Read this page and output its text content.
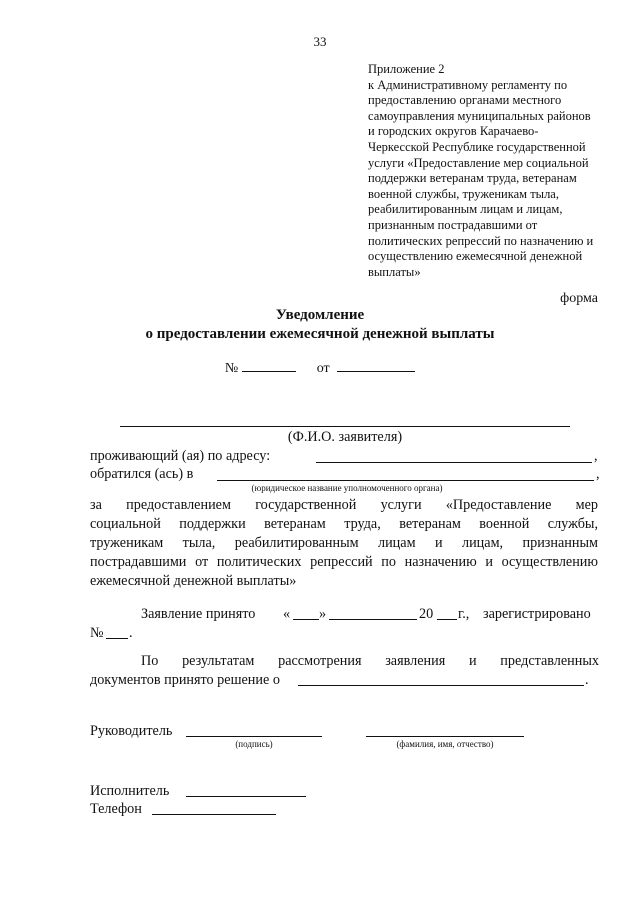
33
Приложение 2
к Административному регламенту по
предоставлению органами местного
самоуправления муниципальных районов
и городских округов Карачаево-
Черкесской Республике государственной
услуги «Предоставление мер социальной
поддержки ветеранам труда, ветеранам
военной службы, труженикам тыла,
реабилитированным лицам и лицам,
признанным пострадавшими от
политических репрессий по назначению и
осуществлению ежемесячной денежной
выплаты»
форма
Уведомление
о предоставлении ежемесячной денежной выплаты
№	от
(Ф.И.О. заявителя)
проживающий (ая) по адресу:	,
обратился (ась) в	,
(юридическое название уполномоченного органа)
за предоставлением государственной услуги «Предоставление мер
социальной поддержки ветеранам труда, ветеранам военной службы,
труженикам тыла, реабилитированным лицам и лицам, признанным
пострадавшими от политических репрессий по назначению и осуществлению
ежемесячной денежной выплаты»
Заявление принято « »	20 г., зарегистрировано
№ .
По результатам рассмотрения заявления и представленных
документов принято решение о	.
Руководитель
(подпись)	(фамилия, имя, отчество)
Исполнитель
Телефон
